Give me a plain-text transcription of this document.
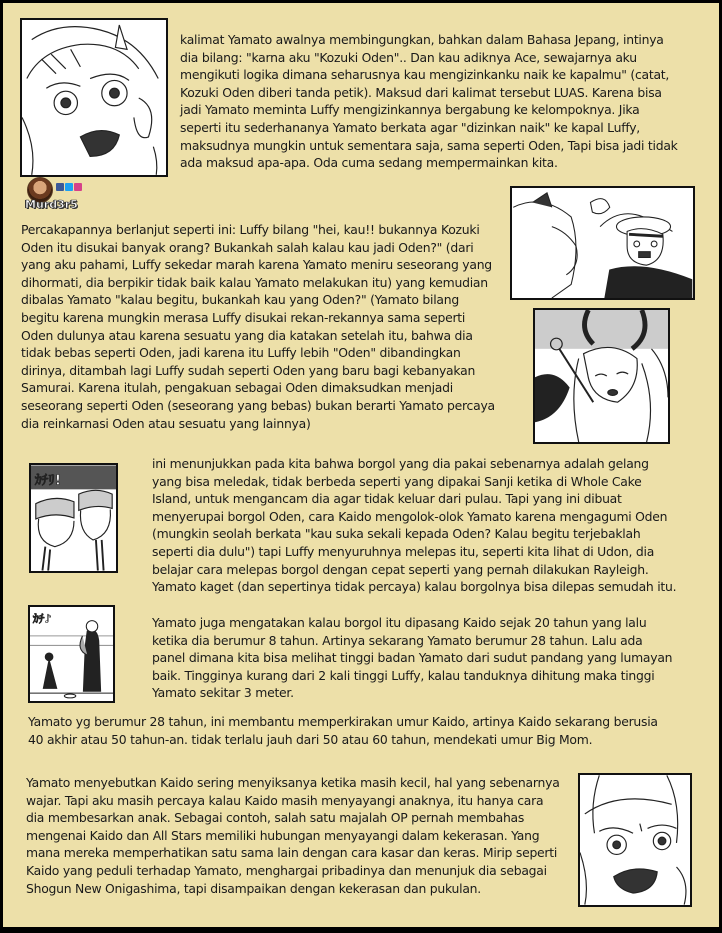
Murd3r5
kalimat Yamato awalnya membingungkan, bahkan dalam Bahasa Jepang, intinya
dia bilang: "karna aku "Kozuki Oden".. Dan kau adiknya Ace, sewajarnya aku
mengikuti logika dimana seharusnya kau mengizinkanku naik ke kapalmu" (catat,
Kozuki Oden diberi tanda petik). Maksud dari kalimat tersebut LUAS. Karena bisa
jadi Yamato meminta Luffy mengizinkannya bergabung ke kelompoknya. Jika
seperti itu sederhananya Yamato berkata agar "dizinkan naik" ke kapal Luffy,
maksudnya mungkin untuk sementara saja, sama seperti Oden, Tapi bisa jadi tidak
ada maksud apa-apa. Oda cuma sedang mempermainkan kita.
Percakapannya berlanjut seperti ini: Luffy bilang "hei, kau!! bukannya Kozuki
Oden itu disukai banyak orang? Bukankah salah kalau kau jadi Oden?" (dari
yang aku pahami, Luffy sekedar marah karena Yamato meniru seseorang yang
dihormati, dia berpikir tidak baik kalau Yamato melakukan itu) yang kemudian
dibalas Yamato "kalau begitu, bukankah kau yang Oden?" (Yamato bilang
begitu karena mungkin merasa Luffy disukai rekan-rekannya sama seperti
Oden dulunya atau karena sesuatu yang dia katakan setelah itu, bahwa dia
tidak bebas seperti Oden, jadi karena itu Luffy lebih "Oden" dibandingkan
dirinya, ditambah lagi Luffy sudah seperti Oden yang baru bagi kebanyakan
Samurai. Karena itulah, pengakuan sebagai Oden dimaksudkan menjadi
seseorang seperti Oden (seseorang yang bebas) bukan berarti Yamato percaya
dia reinkarnasi Oden atau sesuatu yang lainnya)
ｶﾁﾘ!
ini menunjukkan pada kita bahwa borgol yang dia pakai sebenarnya adalah gelang
yang bisa meledak, tidak berbeda seperti yang dipakai Sanji ketika di Whole Cake
Island, untuk mengancam dia agar tidak keluar dari pulau. Tapi yang ini dibuat
menyerupai borgol Oden, cara Kaido mengolok-olok Yamato karena mengagumi Oden
(mungkin seolah berkata "kau suka sekali kepada Oden? Kalau begitu terjebaklah
seperti dia dulu") tapi Luffy menyuruhnya melepas itu, seperti kita lihat di Udon, dia
belajar cara melepas borgol dengan cepat seperti yang pernah dilakukan Rayleigh.
Yamato kaget (dan sepertinya tidak percaya) kalau borgolnya bisa dilepas semudah itu.
ｶﾁ♪	Yamato juga mengatakan kalau borgol itu dipasang Kaido sejak 20 tahun yang lalu
ketika dia berumur 8 tahun. Artinya sekarang Yamato berumur 28 tahun. Lalu ada
panel dimana kita bisa melihat tinggi badan Yamato dari sudut pandang yang lumayan
baik. Tingginya kurang dari 2 kali tinggi Luffy, kalau tanduknya dihitung maka tinggi
Yamato sekitar 3 meter.
Yamato yg berumur 28 tahun, ini membantu memperkirakan umur Kaido, artinya Kaido sekarang berusia
40 akhir atau 50 tahun-an. tidak terlalu jauh dari 50 atau 60 tahun, mendekati umur Big Mom.
Yamato menyebutkan Kaido sering menyiksanya ketika masih kecil, hal yang sebenarnya
wajar. Tapi aku masih percaya kalau Kaido masih menyayangi anaknya, itu hanya cara
dia membesarkan anak. Sebagai contoh, salah satu majalah OP pernah membahas
mengenai Kaido dan All Stars memiliki hubungan menyayangi dalam kekerasan. Yang
mana mereka memperhatikan satu sama lain dengan cara kasar dan keras. Mirip seperti
Kaido yang peduli terhadap Yamato, menghargai pribadinya dan menunjuk dia sebagai
Shogun New Onigashima, tapi disampaikan dengan kekerasan dan pukulan.
